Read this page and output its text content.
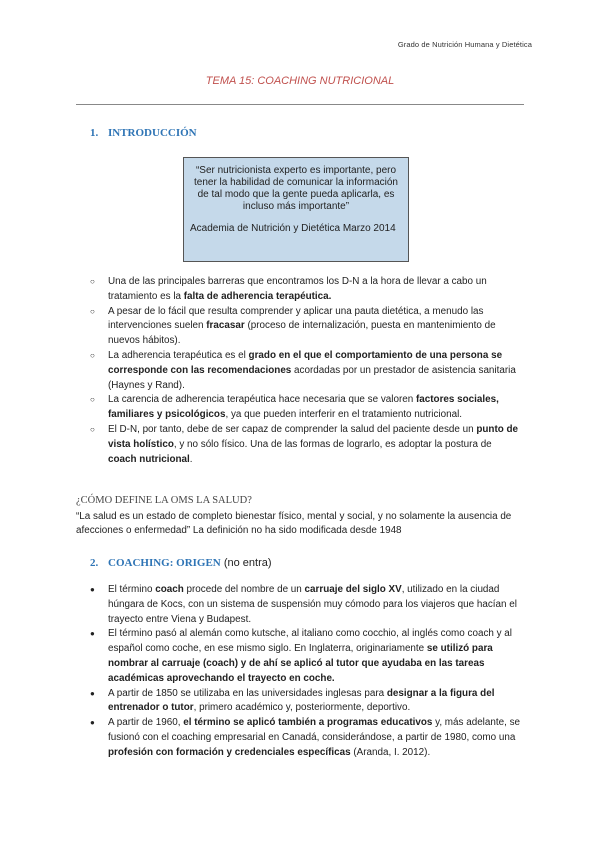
Grado de Nutrición Humana y Dietética
TEMA 15: COACHING NUTRICIONAL
1. INTRODUCCIÓN
“Ser nutricionista experto es importante, pero tener la habilidad de comunicar la información de tal modo que la gente pueda aplicarla, es incluso más importante”
Academia de Nutrición y Dietética Marzo 2014
○ Una de las principales barreras que encontramos los D-N a la hora de llevar a cabo un tratamiento es la falta de adherencia terapéutica.
○ A pesar de lo fácil que resulta comprender y aplicar una pauta dietética, a menudo las intervenciones suelen fracasar (proceso de internalización, puesta en mantenimiento de nuevos hábitos).
○ La adherencia terapéutica es el grado en el que el comportamiento de una persona se corresponde con las recomendaciones acordadas por un prestador de asistencia sanitaria (Haynes y Rand).
○ La carencia de adherencia terapéutica hace necesaria que se valoren factores sociales, familiares y psicológicos, ya que pueden interferir en el tratamiento nutricional.
○ El D-N, por tanto, debe de ser capaz de comprender la salud del paciente desde un punto de vista holístico, y no sólo físico. Una de las formas de lograrlo, es adoptar la postura de coach nutricional.
¿CÓMO DEFINE LA OMS LA SALUD?
“La salud es un estado de completo bienestar físico, mental y social, y no solamente la ausencia de afecciones o enfermedad” La definición no ha sido modificada desde 1948
2. COACHING: ORIGEN (no entra)
● El término coach procede del nombre de un carruaje del siglo XV, utilizado en la ciudad húngara de Kocs, con un sistema de suspensión muy cómodo para los viajeros que hacían el trayecto entre Viena y Budapest.
● El término pasó al alemán como kutsche, al italiano como cocchio, al inglés como coach y al español como coche, en ese mismo siglo. En Inglaterra, originariamente se utilizó para nombrar al carruaje (coach) y de ahí se aplicó al tutor que ayudaba en las tareas académicas aprovechando el trayecto en coche.
● A partir de 1850 se utilizaba en las universidades inglesas para designar a la figura del entrenador o tutor, primero académico y, posteriormente, deportivo.
● A partir de 1960, el término se aplicó también a programas educativos y, más adelante, se fusionó con el coaching empresarial en Canadá, considerándose, a partir de 1980, como una profesión con formación y credenciales específicas (Aranda, I. 2012).
